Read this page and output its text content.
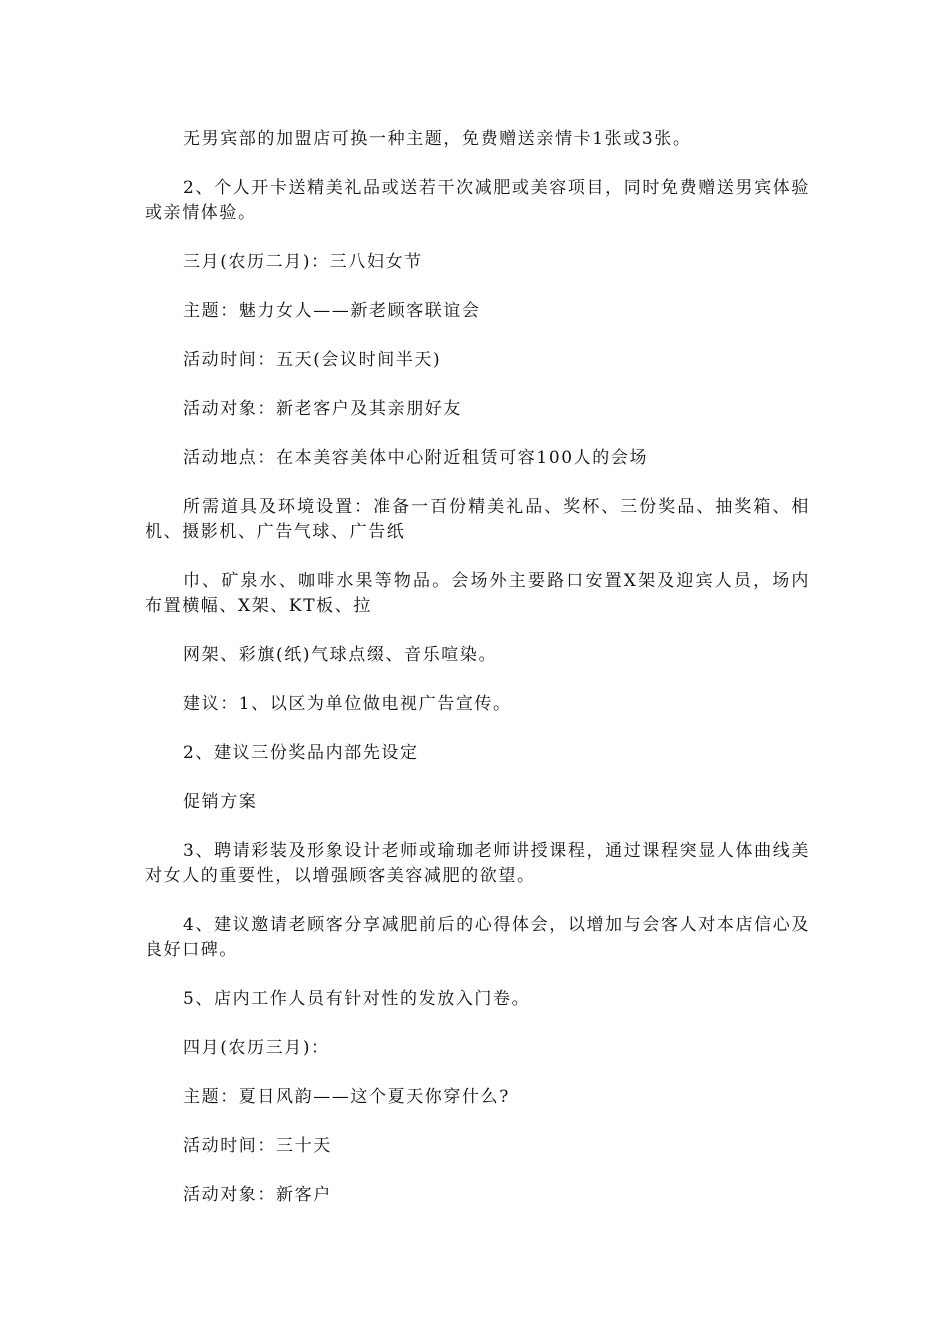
无男宾部的加盟店可换一种主题，免费赠送亲情卡1张或3张。

2、个人开卡送精美礼品或送若干次减肥或美容项目，同时免费赠送男宾体验或亲情体验。

三月(农历二月)：三八妇女节

主题：魅力女人——新老顾客联谊会

活动时间：五天(会议时间半天)

活动对象：新老客户及其亲朋好友

活动地点：在本美容美体中心附近租赁可容100人的会场

所需道具及环境设置：准备一百份精美礼品、奖杯、三份奖品、抽奖箱、相机、摄影机、广告气球、广告纸

巾、矿泉水、咖啡水果等物品。会场外主要路口安置X架及迎宾人员，场内布置横幅、X架、KT板、拉

网架、彩旗(纸)气球点缀、音乐喧染。

建议：1、以区为单位做电视广告宣传。

2、建议三份奖品内部先设定

促销方案

3、聘请彩装及形象设计老师或瑜珈老师讲授课程，通过课程突显人体曲线美对女人的重要性，以增强顾客美容减肥的欲望。

4、建议邀请老顾客分享减肥前后的心得体会，以增加与会客人对本店信心及良好口碑。

5、店内工作人员有针对性的发放入门卷。

四月(农历三月)：

主题：夏日风韵——这个夏天你穿什么?

活动时间：三十天

活动对象：新客户
